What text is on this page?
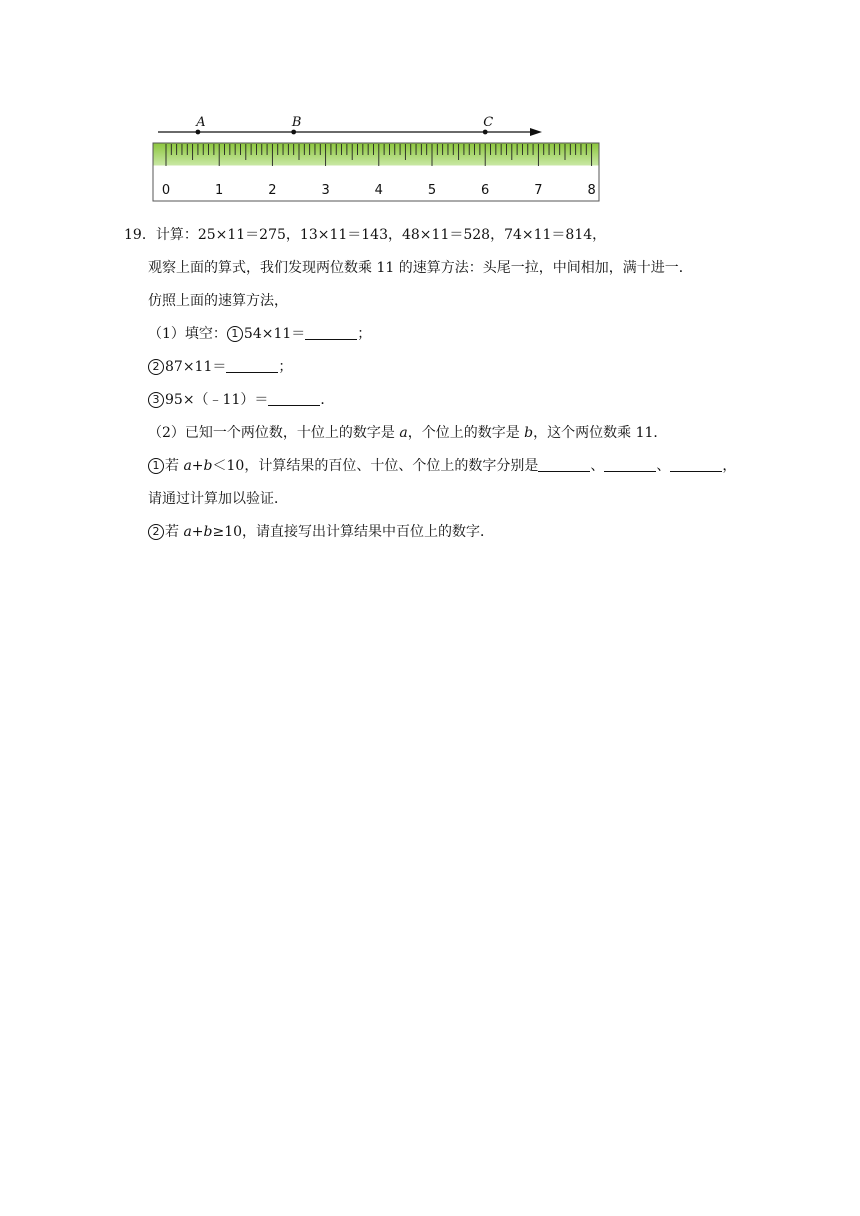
0	1	2	3	4	5	6	7	8
A	B	C
19．计算：25×11＝275，13×11＝143，48×11＝528，74×11＝814，
观察上面的算式，我们发现两位数乘 11 的速算方法：头尾一拉，中间相加，满十进一．
仿照上面的速算方法，
（1）填空： 1 54×11＝	；
2 87×11＝	；
3 95×（﹣11）＝	．
（2）已知一个两位数，十位上的数字是 a，个位上的数字是 b，这个两位数乘 11．
1 若 a+b＜10，计算结果的百位、十位、个位上的数字分别是	、	、	，
请通过计算加以验证．
2 若 a+b≥10，请直接写出计算结果中百位上的数字．
